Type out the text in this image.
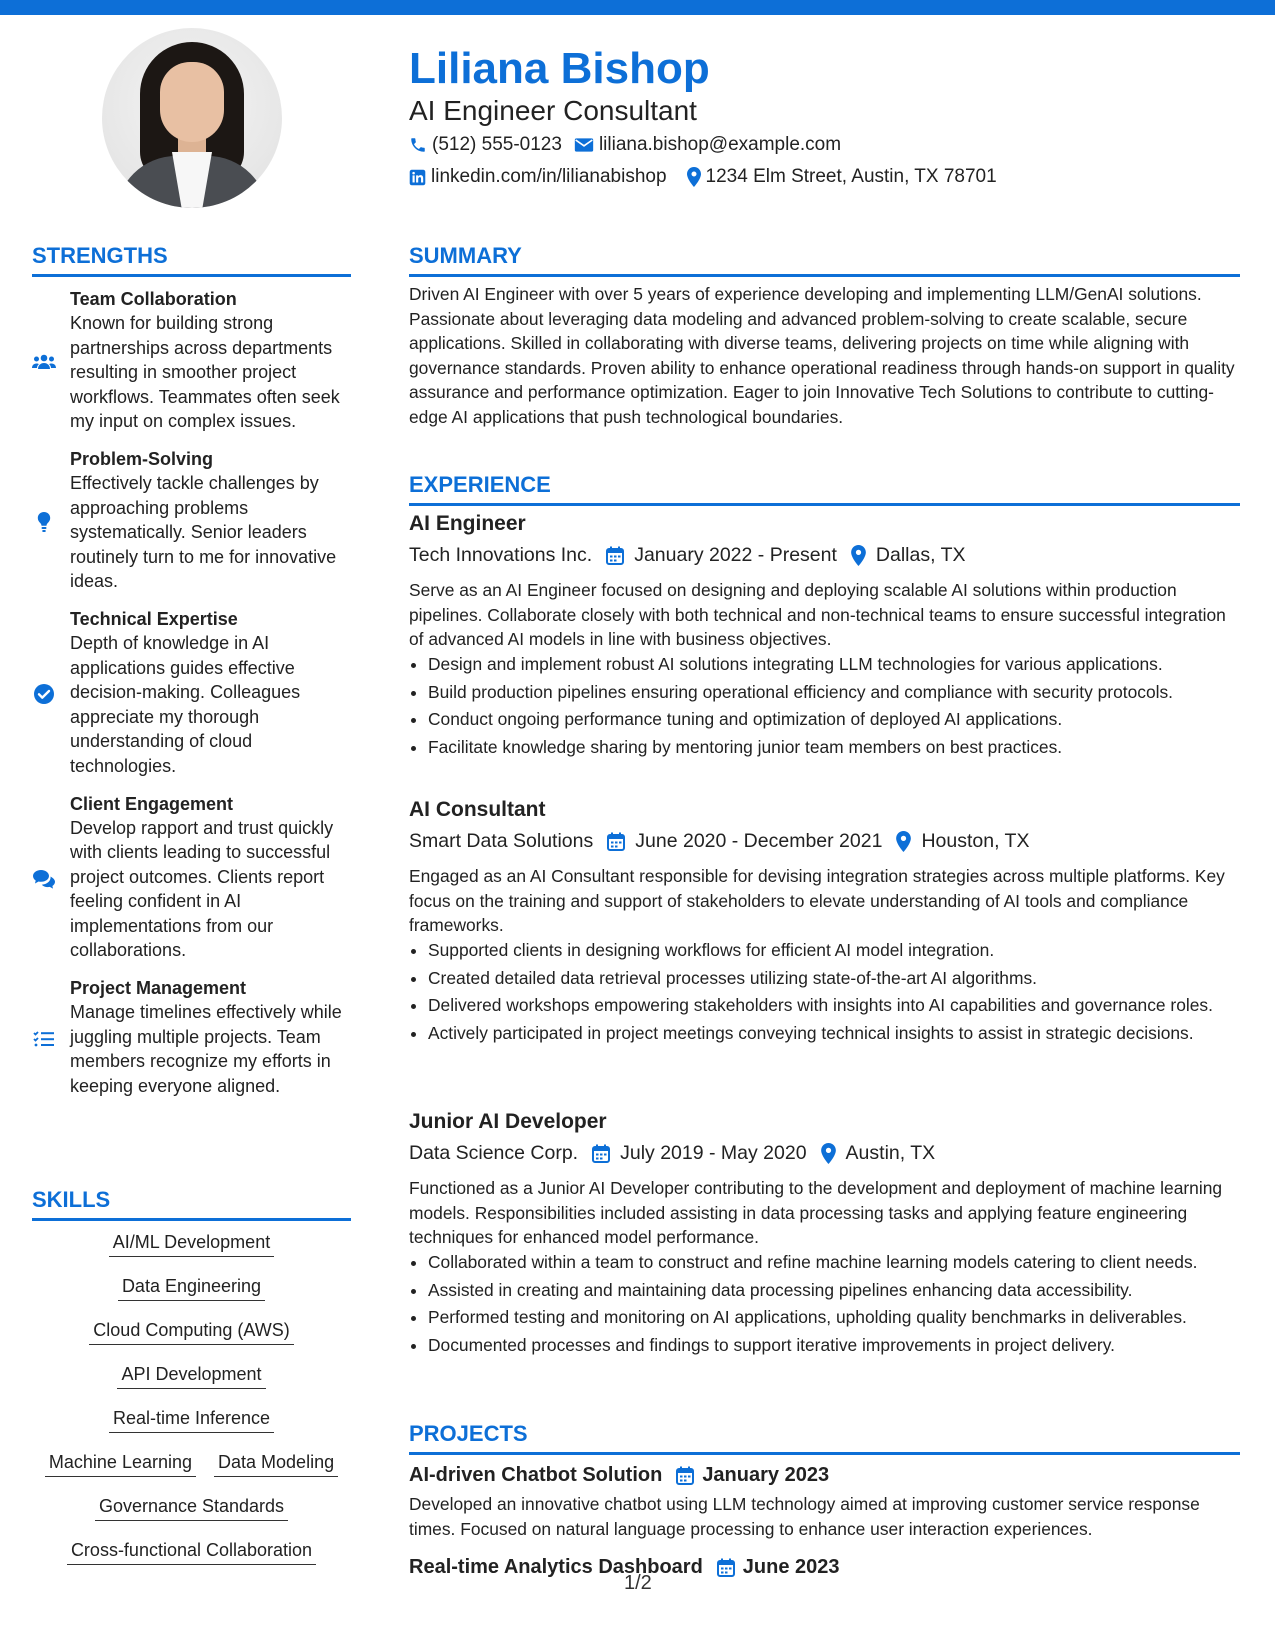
Liliana Bishop
AI Engineer Consultant
(512) 555-0123 liliana.bishop@example.com
linkedin.com/in/lilianabishop 1234 Elm Street, Austin, TX 78701
STRENGTHS
Team Collaboration
Known for building strong partnerships across departments resulting in smoother project workflows. Teammates often seek my input on complex issues.
Problem-Solving
Effectively tackle challenges by approaching problems systematically. Senior leaders routinely turn to me for innovative ideas.
Technical Expertise
Depth of knowledge in AI applications guides effective decision-making. Colleagues appreciate my thorough understanding of cloud technologies.
Client Engagement
Develop rapport and trust quickly with clients leading to successful project outcomes. Clients report feeling confident in AI implementations from our collaborations.
Project Management
Manage timelines effectively while juggling multiple projects. Team members recognize my efforts in keeping everyone aligned.
SKILLS
AI/ML Development
Data Engineering
Cloud Computing (AWS)
API Development
Real-time Inference
Machine Learning Data Modeling
Governance Standards
Cross-functional Collaboration
SUMMARY
Driven AI Engineer with over 5 years of experience developing and implementing LLM/GenAI solutions. Passionate about leveraging data modeling and advanced problem-solving to create scalable, secure applications. Skilled in collaborating with diverse teams, delivering projects on time while aligning with governance standards. Proven ability to enhance operational readiness through hands-on support in quality assurance and performance optimization. Eager to join Innovative Tech Solutions to contribute to cutting-edge AI applications that push technological boundaries.
EXPERIENCE
AI Engineer
Tech Innovations Inc. January 2022 - Present Dallas, TX
Serve as an AI Engineer focused on designing and deploying scalable AI solutions within production pipelines. Collaborate closely with both technical and non-technical teams to ensure successful integration of advanced AI models in line with business objectives.
• Design and implement robust AI solutions integrating LLM technologies for various applications.
• Build production pipelines ensuring operational efficiency and compliance with security protocols.
• Conduct ongoing performance tuning and optimization of deployed AI applications.
• Facilitate knowledge sharing by mentoring junior team members on best practices.
AI Consultant
Smart Data Solutions June 2020 - December 2021 Houston, TX
Engaged as an AI Consultant responsible for devising integration strategies across multiple platforms. Key focus on the training and support of stakeholders to elevate understanding of AI tools and compliance frameworks.
• Supported clients in designing workflows for efficient AI model integration.
• Created detailed data retrieval processes utilizing state-of-the-art AI algorithms.
• Delivered workshops empowering stakeholders with insights into AI capabilities and governance roles.
• Actively participated in project meetings conveying technical insights to assist in strategic decisions.
Junior AI Developer
Data Science Corp. July 2019 - May 2020 Austin, TX
Functioned as a Junior AI Developer contributing to the development and deployment of machine learning models. Responsibilities included assisting in data processing tasks and applying feature engineering techniques for enhanced model performance.
• Collaborated within a team to construct and refine machine learning models catering to client needs.
• Assisted in creating and maintaining data processing pipelines enhancing data accessibility.
• Performed testing and monitoring on AI applications, upholding quality benchmarks in deliverables.
• Documented processes and findings to support iterative improvements in project delivery.
PROJECTS
AI-driven Chatbot Solution January 2023
Developed an innovative chatbot using LLM technology aimed at improving customer service response times. Focused on natural language processing to enhance user interaction experiences.
Real-time Analytics Dashboard June 2023
1/2
